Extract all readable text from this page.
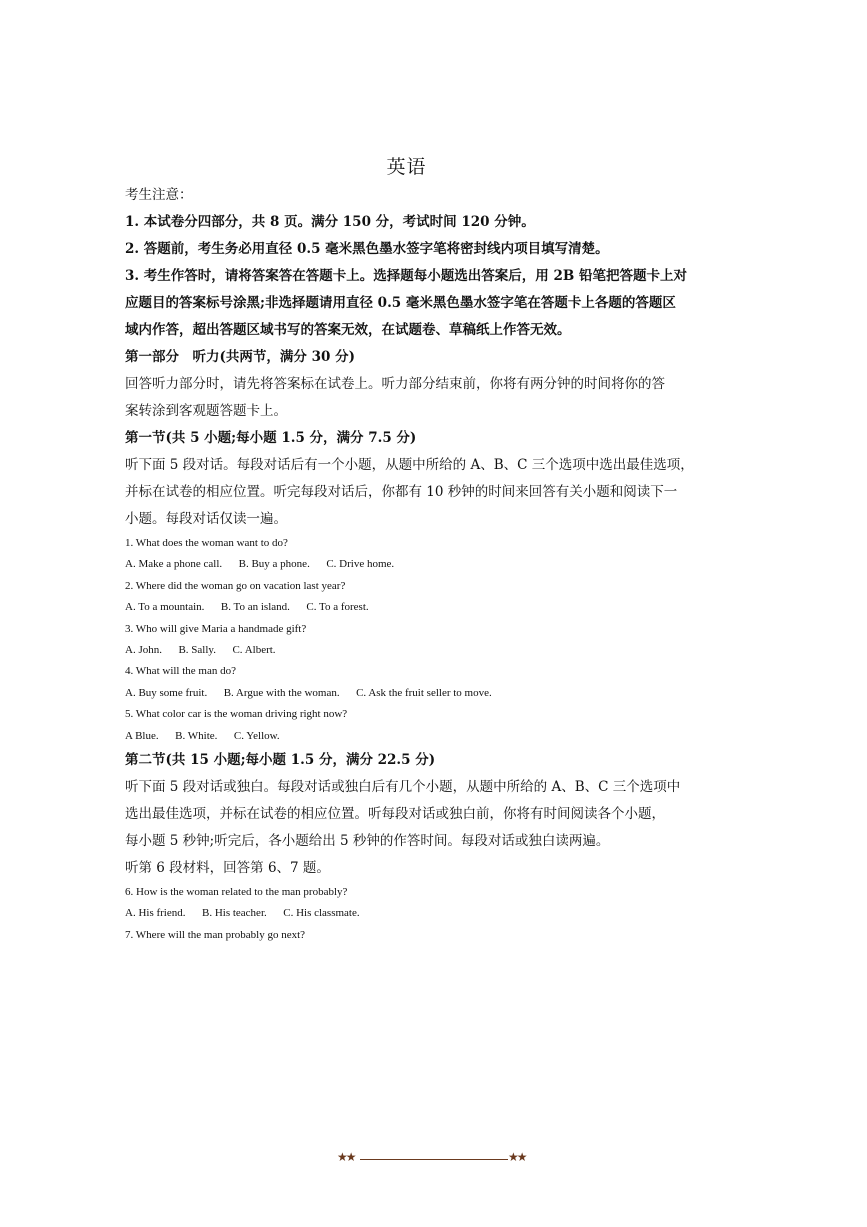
英语

考生注意：

1. 本试卷分四部分，共 8 页。满分 150 分，考试时间 120 分钟。

2. 答题前，考生务必用直径 0.5 毫米黑色墨水签字笔将密封线内项目填写清楚。

3. 考生作答时，请将答案答在答题卡上。选择题每小题选出答案后，用 2B 铅笔把答题卡上对

应题目的答案标号涂黑;非选择题请用直径 0.5 毫米黑色墨水签字笔在答题卡上各题的答题区

域内作答，超出答题区域书写的答案无效，在试题卷、草稿纸上作答无效。

第一部分　听力(共两节，满分 30 分)

回答听力部分时，请先将答案标在试卷上。听力部分结束前，你将有两分钟的时间将你的答

案转涂到客观题答题卡上。

第一节(共 5 小题;每小题 1.5 分，满分 7.5 分)

听下面 5 段对话。每段对话后有一个小题，从题中所给的 A、B、C 三个选项中选出最佳选项，

并标在试卷的相应位置。听完每段对话后，你都有 10 秒钟的时间来回答有关小题和阅读下一

小题。每段对话仅读一遍。

1. What does the woman want to do?

A. Make a phone call.      B. Buy a phone.      C. Drive home.

2. Where did the woman go on vacation last year?

A. To a mountain.      B. To an island.      C. To a forest.

3. Who will give Maria a handmade gift?

A. John.      B. Sally.      C. Albert.

4. What will the man do?

A. Buy some fruit.      B. Argue with the woman.      C. Ask the fruit seller to move.

5. What color car is the woman driving right now?

A Blue.      B. White.      C. Yellow.

第二节(共 15 小题;每小题 1.5 分，满分 22.5 分)

听下面 5 段对话或独白。每段对话或独白后有几个小题，从题中所给的 A、B、C 三个选项中

选出最佳选项，并标在试卷的相应位置。听每段对话或独白前，你将有时间阅读各个小题，

每小题 5 秒钟;听完后，各小题给出 5 秒钟的作答时间。每段对话或独白读两遍。

听第 6 段材料，回答第 6、7 题。

6. How is the woman related to the man probably?

A. His friend.      B. His teacher.      C. His classmate.

7. Where will the man probably go next?

★★	★★
